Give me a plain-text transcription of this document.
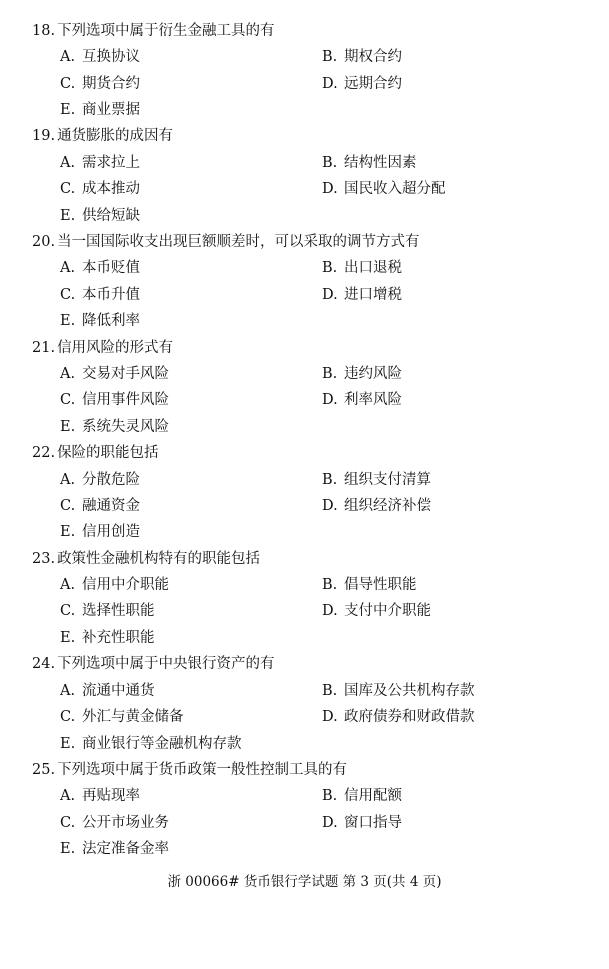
18. 下列选项中属于衍生金融工具的有
A. 互换协议	B. 期权合约
C. 期货合约	D. 远期合约
E. 商业票据
19. 通货膨胀的成因有
A. 需求拉上	B. 结构性因素
C. 成本推动	D. 国民收入超分配
E. 供给短缺
20. 当一国国际收支出现巨额顺差时，可以采取的调节方式有
A. 本币贬值	B. 出口退税
C. 本币升值	D. 进口增税
E. 降低利率
21. 信用风险的形式有
A. 交易对手风险	B. 违约风险
C. 信用事件风险	D. 利率风险
E. 系统失灵风险
22. 保险的职能包括
A. 分散危险	B. 组织支付清算
C. 融通资金	D. 组织经济补偿
E. 信用创造
23. 政策性金融机构特有的职能包括
A. 信用中介职能	B. 倡导性职能
C. 选择性职能	D. 支付中介职能
E. 补充性职能
24. 下列选项中属于中央银行资产的有
A. 流通中通货	B. 国库及公共机构存款
C. 外汇与黄金储备	D. 政府债券和财政借款
E. 商业银行等金融机构存款
25. 下列选项中属于货币政策一般性控制工具的有
A. 再贴现率	B. 信用配额
C. 公开市场业务	D. 窗口指导
E. 法定准备金率
浙 00066# 货币银行学试题 第 3 页(共 4 页)
